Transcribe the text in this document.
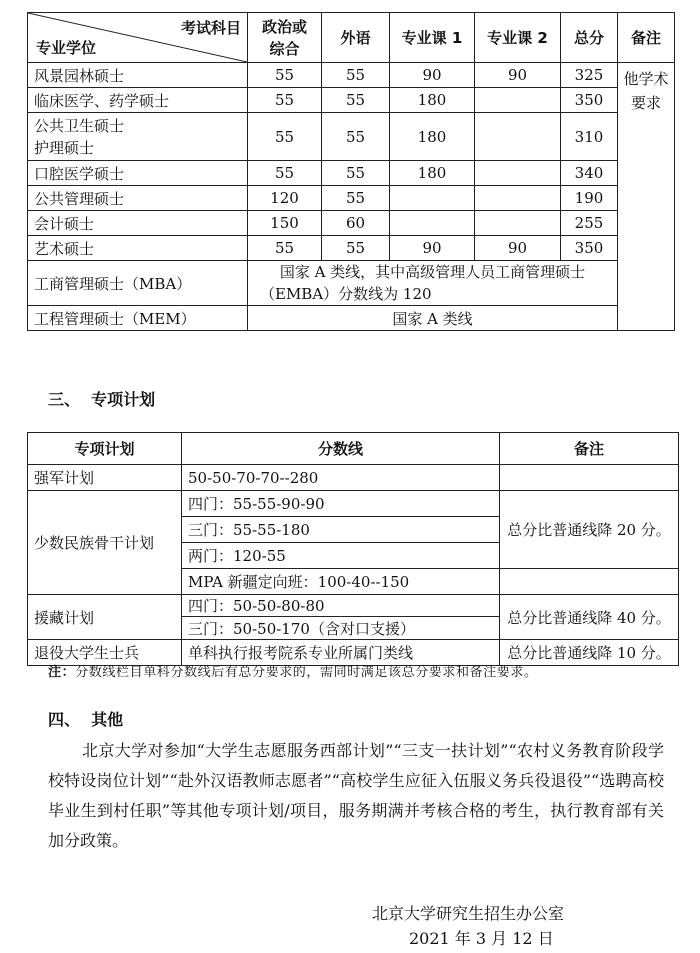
考试科目
专业学位	政治或综合	外语	专业课 1	专业课 2	总分	备注
风景园林硕士	55	55	90	90	325	他学术要求

临床医学、药学硕士	55	55	180		350	

公共卫生硕士
护理硕士	55	55	180		310	
口腔医学硕士	55	55	180		340	
公共管理硕士	120	55			190	
会计硕士	150	60			255	
艺术硕士	55	55	90	90	350	
工商管理硕士（MBA）	国家 A 类线，其中高级管理人员工商管理硕士
（EMBA）分数线为 120					

工程管理硕士（MEM）	国家 A 类线					
三、  专项计划
专项计划	分数线	备注
强军计划	50-50-70-70--280	
少数民族骨干计划	四门：55-55-90-90	总分比普通线降 20 分。
	三门：55-55-180	
	两门：120-55	
	MPA 新疆定向班：100-40--150	
援藏计划	四门：50-50-80-80	总分比普通线降 40 分。
	三门：50-50-170（含对口支援）	
退役大学生士兵	单科执行报考院系专业所属门类线	总分比普通线降 10 分。
注：分数线栏目单科分数线后有总分要求的，需同时满足该总分要求和备注要求。
四、  其他
北京大学对参加“大学生志愿服务西部计划”“三支一扶计划”“农村义务教育阶段学校特设岗位计划”“赴外汉语教师志愿者”“高校学生应征入伍服义务兵役退役”“选聘高校毕业生到村任职”等其他专项计划/项目，服务期满并考核合格的考生，执行教育部有关加分政策。
北京大学研究生招生办公室
2021 年 3 月 12 日
